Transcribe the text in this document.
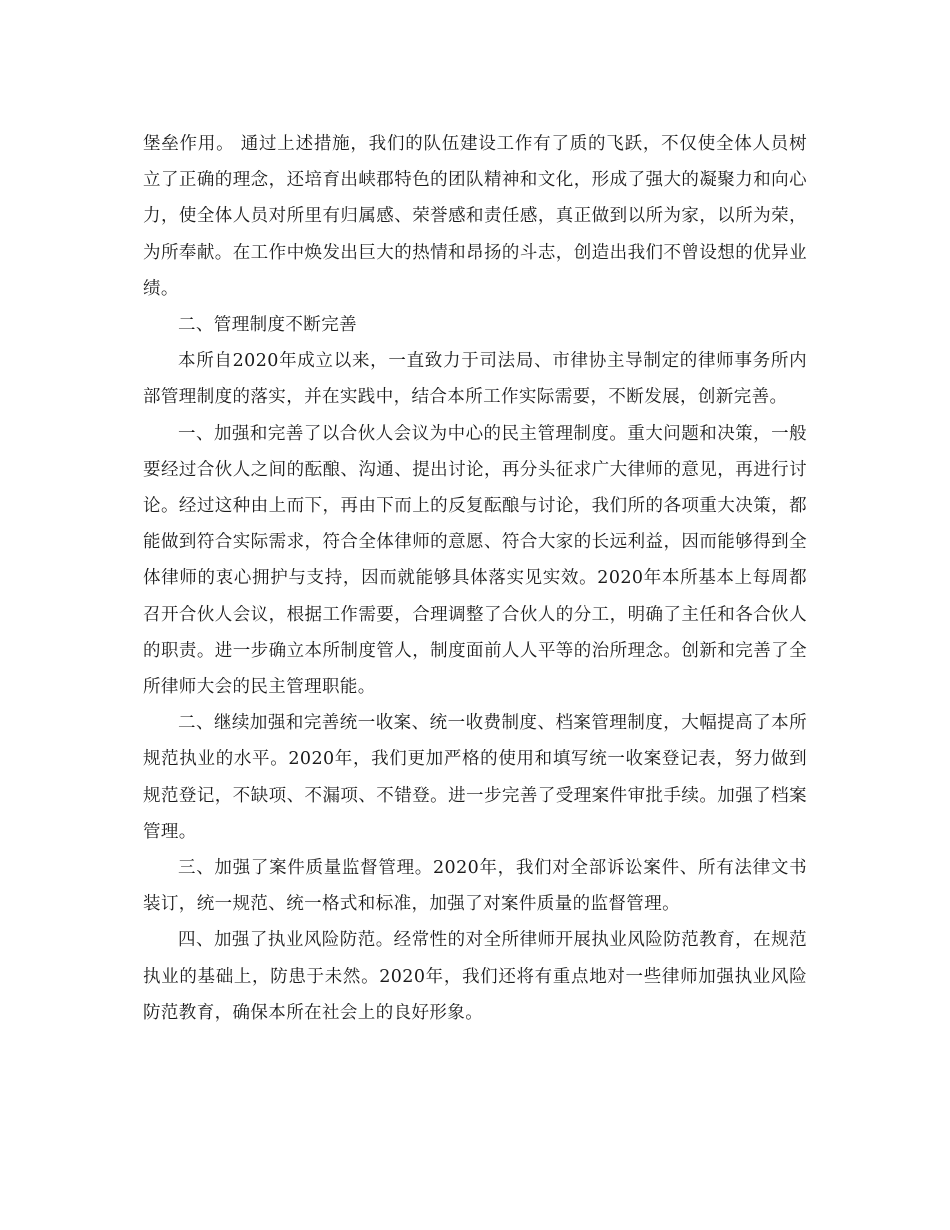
堡垒作用。 通过上述措施，我们的队伍建设工作有了质的飞跃，不仅使全体人员树立了正确的理念，还培育出峡郡特色的团队精神和文化，形成了强大的凝聚力和向心力，使全体人员对所里有归属感、荣誉感和责任感，真正做到以所为家，以所为荣，为所奉献。在工作中焕发出巨大的热情和昂扬的斗志，创造出我们不曾设想的优异业绩。

二、管理制度不断完善

本所自2020年成立以来，一直致力于司法局、市律协主导制定的律师事务所内部管理制度的落实，并在实践中，结合本所工作实际需要，不断发展，创新完善。

一、加强和完善了以合伙人会议为中心的民主管理制度。重大问题和决策，一般要经过合伙人之间的酝酿、沟通、提出讨论，再分头征求广大律师的意见，再进行讨论。经过这种由上而下，再由下而上的反复酝酿与讨论，我们所的各项重大决策，都能做到符合实际需求，符合全体律师的意愿、符合大家的长远利益，因而能够得到全体律师的衷心拥护与支持，因而就能够具体落实见实效。2020年本所基本上每周都召开合伙人会议，根据工作需要，合理调整了合伙人的分工，明确了主任和各合伙人的职责。进一步确立本所制度管人，制度面前人人平等的治所理念。创新和完善了全所律师大会的民主管理职能。

二、继续加强和完善统一收案、统一收费制度、档案管理制度，大幅提高了本所规范执业的水平。2020年，我们更加严格的使用和填写统一收案登记表，努力做到规范登记，不缺项、不漏项、不错登。进一步完善了受理案件审批手续。加强了档案管理。

三、加强了案件质量监督管理。2020年，我们对全部诉讼案件、所有法律文书装订，统一规范、统一格式和标准，加强了对案件质量的监督管理。

四、加强了执业风险防范。经常性的对全所律师开展执业风险防范教育，在规范执业的基础上，防患于未然。2020年，我们还将有重点地对一些律师加强执业风险防范教育，确保本所在社会上的良好形象。
